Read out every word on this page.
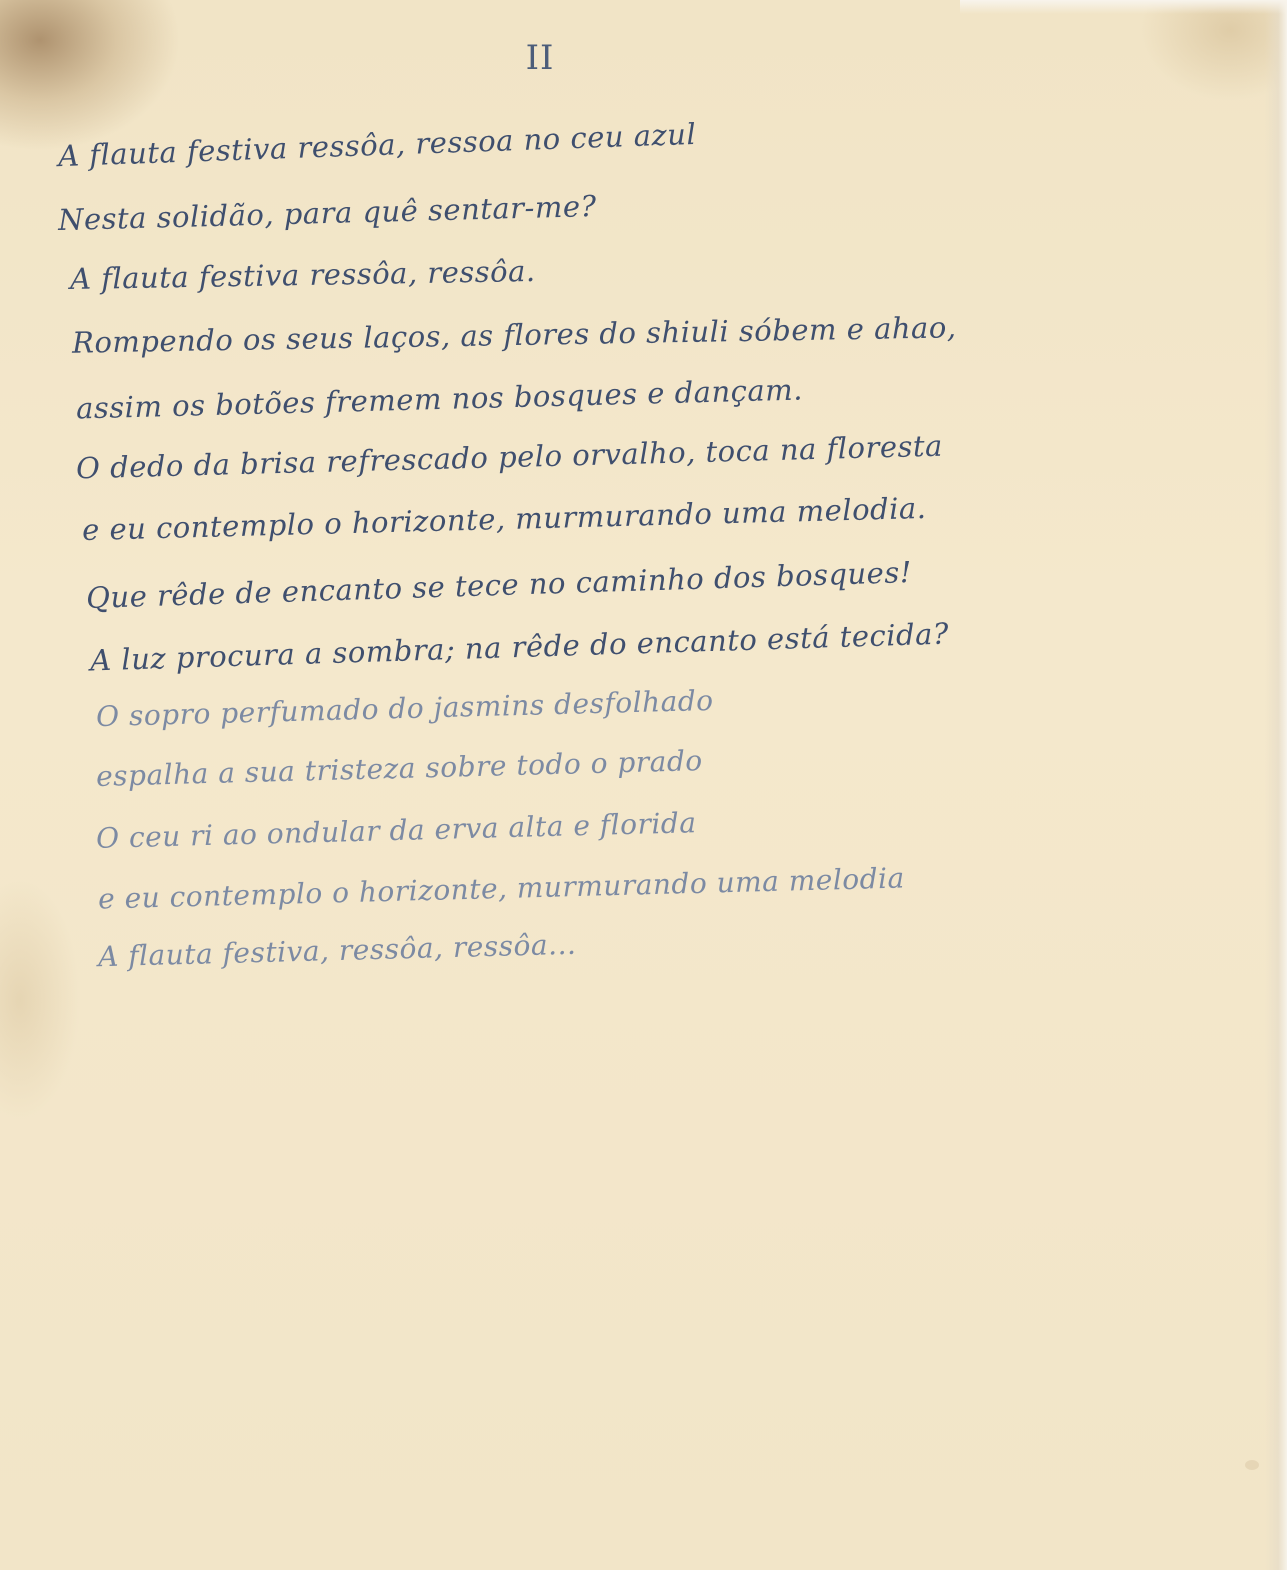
II

A flauta festiva ressôa, ressoa no ceu azul

Nesta solidão, para quê sentar-me?

A flauta festiva ressôa, ressôa.

Rompendo os seus laços, as flores do shiuli sóbem e ahao,

assim os botões fremem nos bosques e dançam.

O dedo da brisa refrescado pelo orvalho, toca na floresta

e eu contemplo o horizonte, murmurando uma melodia.

Que rêde de encanto se tece no caminho dos bosques!

A luz procura a sombra; na rêde do encanto está tecida?

O sopro perfumado do jasmins desfolhado

espalha a sua tristeza sobre todo o prado

O ceu ri ao ondular da erva alta e florida

e eu contemplo o horizonte, murmurando uma melodia

A flauta festiva, ressôa, ressôa...
